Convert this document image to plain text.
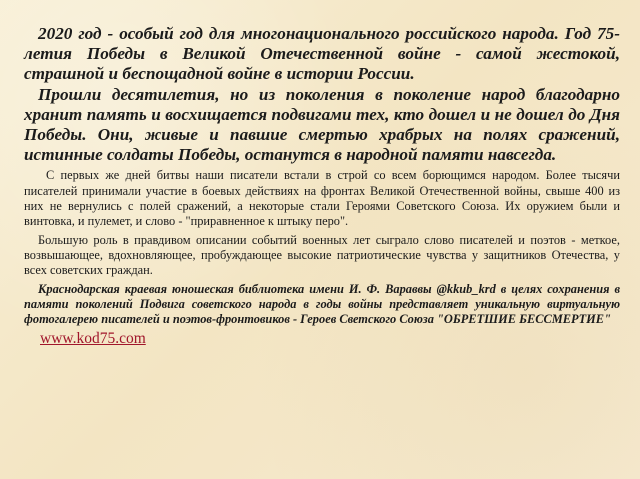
2020 год - особый год для многонационального российского народа. Год 75-летия Победы в Великой Отечественной войне - самой жестокой, страшной и беспощадной войне в истории России.

Прошли десятилетия, но из поколения в поколение народ благодарно хранит память и восхищается подвигами тех, кто дошел и не дошел до Дня Победы. Они, живые и павшие смертью храбрых на полях сражений, истинные солдаты Победы, останутся в народной памяти навсегда.

С первых же дней битвы наши писатели встали в строй со всем борющимся народом. Более тысячи писателей принимали участие в боевых действиях на фронтах Великой Отечественной войны, свыше 400 из них не вернулись с полей сражений, а некоторые стали Героями Советского Союза. Их оружием были и винтовка, и пулемет, и слово - "приравненное к штыку перо".

Большую роль в правдивом описании событий военных лет сыграло слово писателей и поэтов - меткое, возвышающее, вдохновляющее, пробуждающее высокие патриотические чувства у защитников Отечества, у всех советских граждан.

Краснодарская краевая юношеская библиотека имени И. Ф. Вараввы @kkub_krd в целях сохранения в памяти поколений Подвига советского народа в годы войны представляет уникальную виртуальную фотогалерею писателей и поэтов-фронтовиков - Героев Светского Союза "ОБРЕТШИЕ БЕССМЕРТИЕ"

www.kod75.com
